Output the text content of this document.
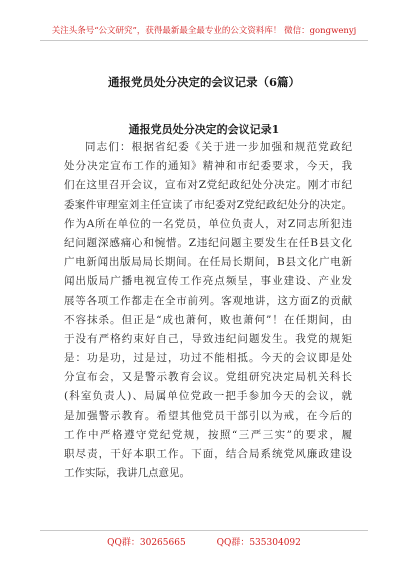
关注头条号“公文研究”，获得最新最全最专业的公文资料库！ 微信：gongwenyj
通报党员处分决定的会议记录（6篇）
通报党员处分决定的会议记录1
同志们：根据省纪委《关于进一步加强和规范党政纪
处分决定宣布工作的通知》精神和市纪委要求，今天，我
们在这里召开会议，宣布对Z党纪政纪处分决定。刚才市纪
委案件审理室刘主任宣读了市纪委对Z党纪政纪处分的决定。
作为A所在单位的一名党员，单位负责人，对Z同志所犯违
纪问题深感痛心和惋惜。Z违纪问题主要发生在任B县文化
广电新闻出版局局长期间。在任局长期间，B县文化广电新
闻出版局广播电视宣传工作亮点频呈，事业建设、产业发
展等各项工作都走在全市前列。客观地讲，这方面Z的贡献
不容抹杀。但正是“成也萧何，败也萧何”！在任期间，由
于没有严格约束好自己，导致违纪问题发生。我党的规矩
是：功是功，过是过，功过不能相抵。今天的会议即是处
分宣布会，又是警示教育会议。党组研究决定局机关科长
(科室负责人)、局属单位党政一把手参加今天的会议，就
是加强警示教育。希望其他党员干部引以为戒，在今后的
工作中严格遵守党纪党规，按照“三严三实”的要求，履
职尽责，干好本职工作。下面，结合局系统党风廉政建设
工作实际，我讲几点意见。
QQ群：30265665	QQ群：535304092
